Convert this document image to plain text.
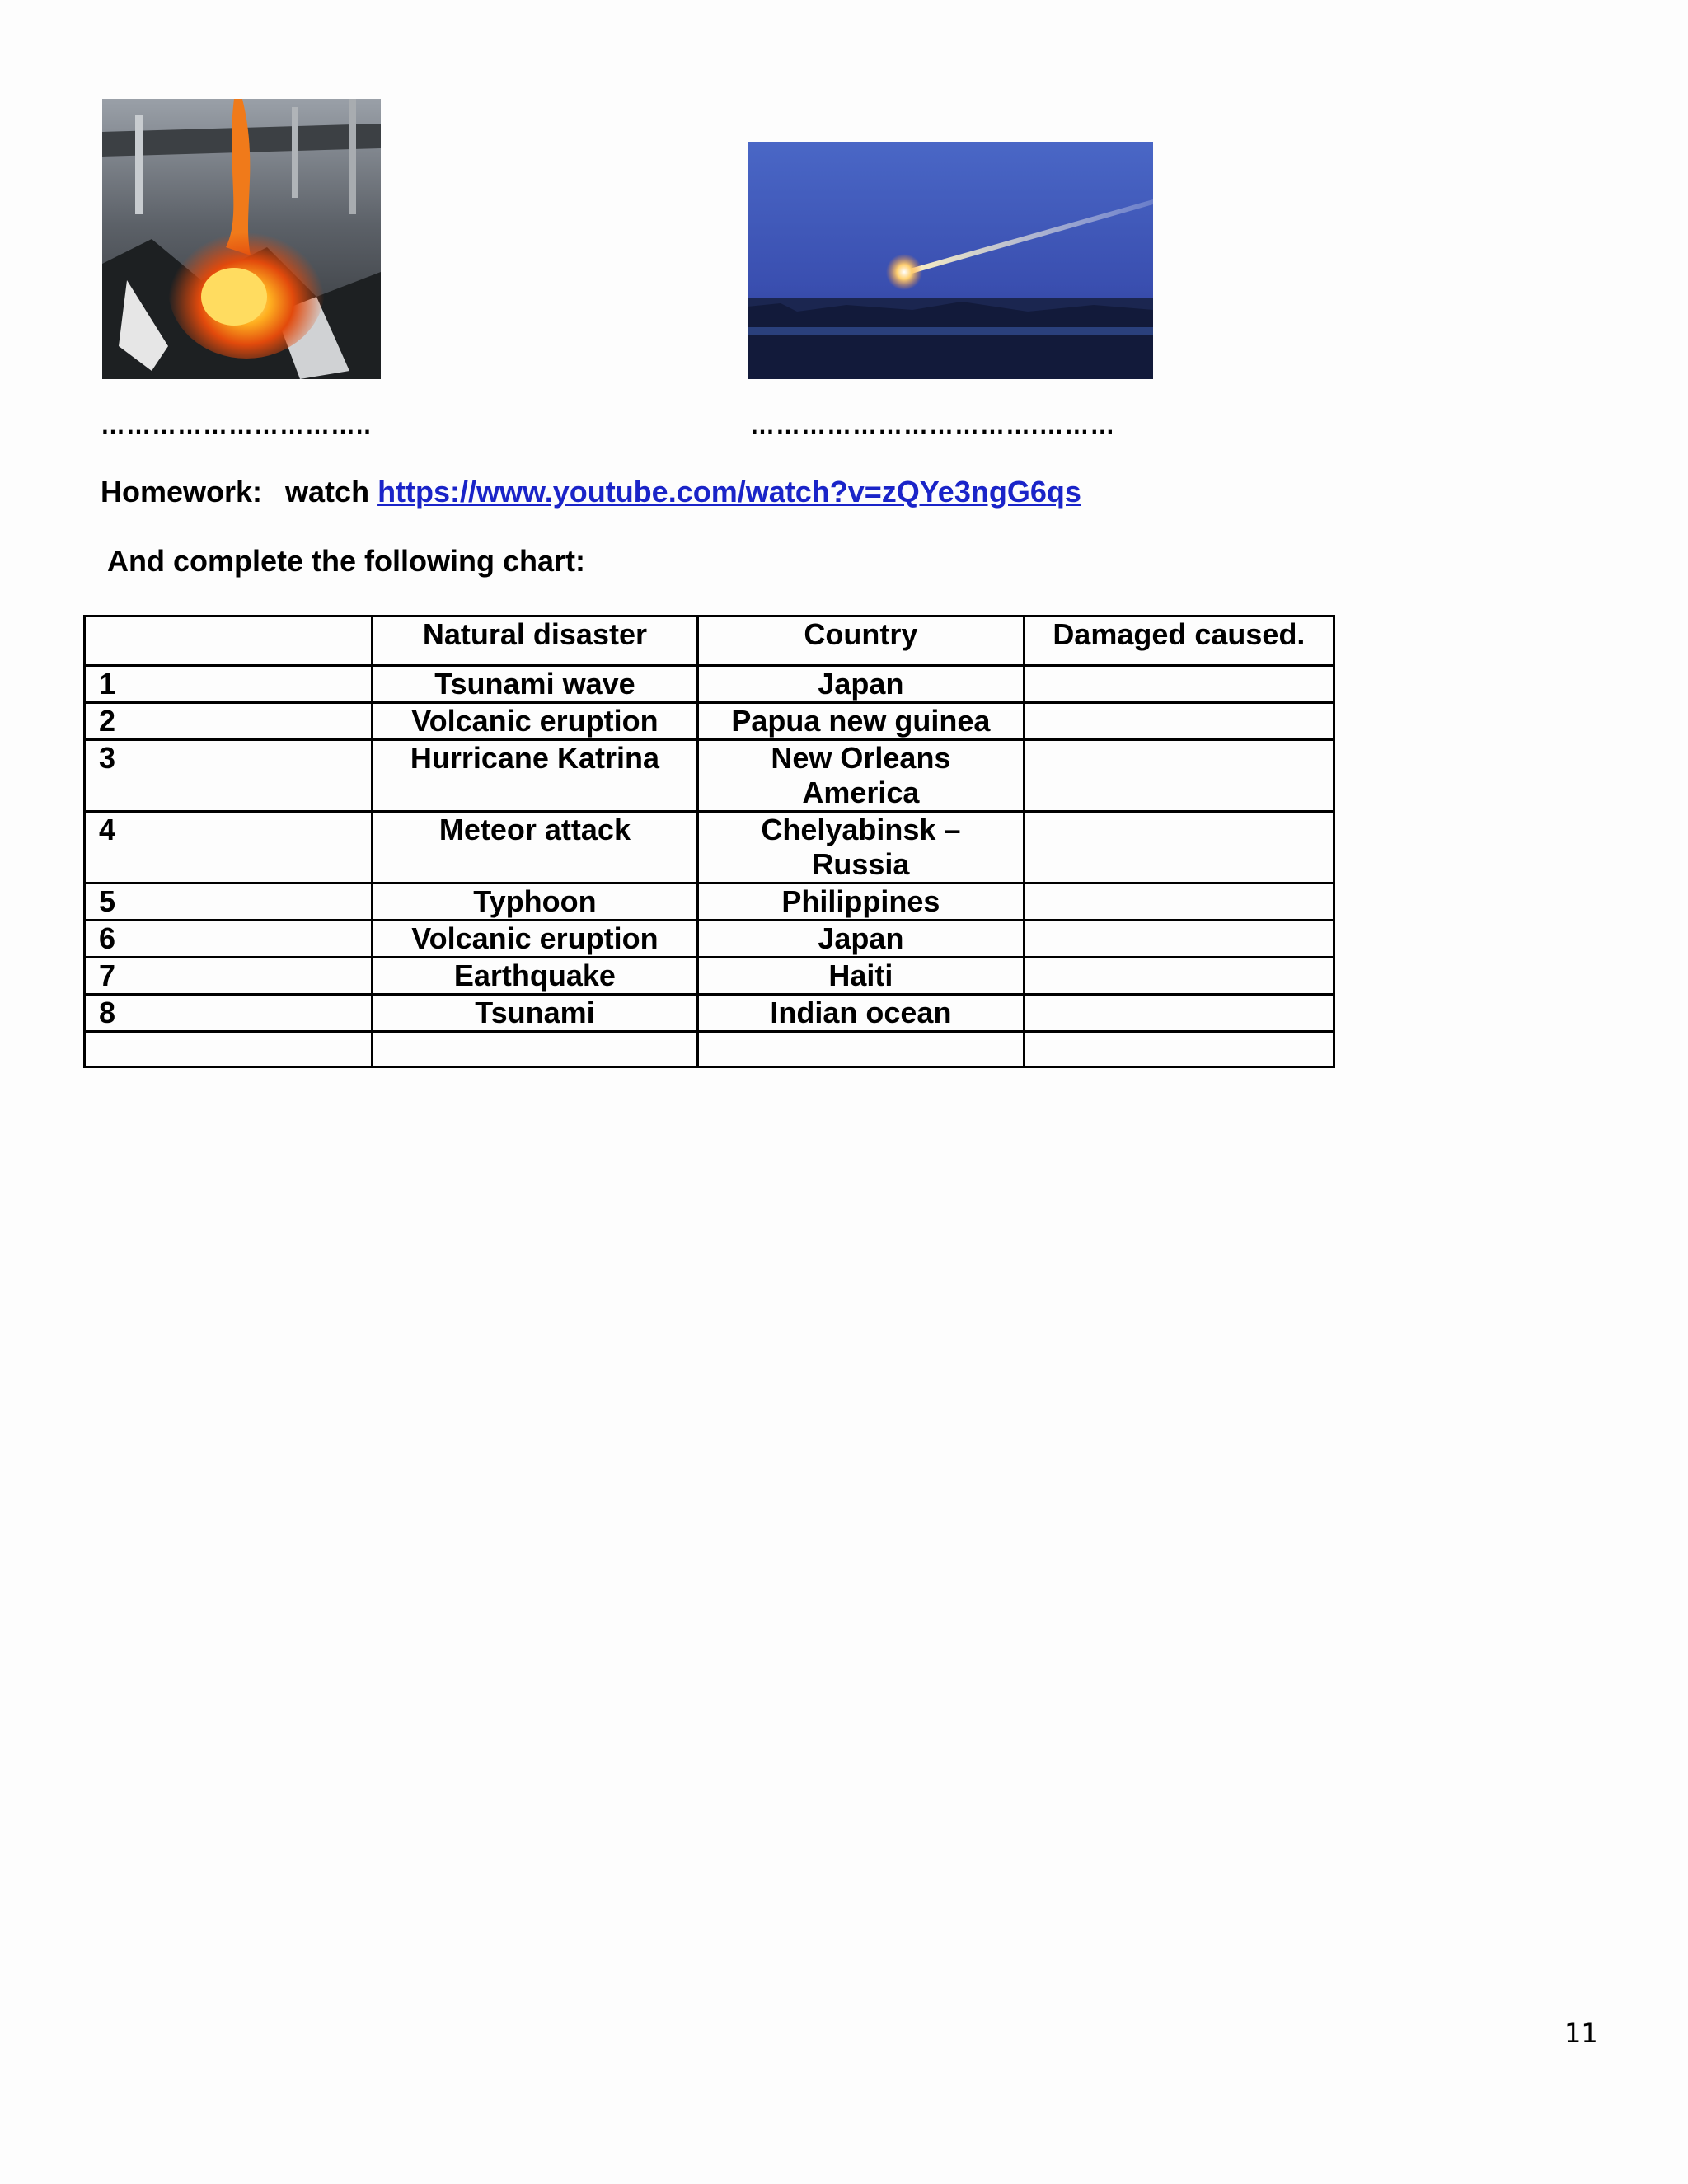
…………………………..	…………………………….………
Homework: watch https://www.youtube.com/watch?v=zQYe3ngG6qs
And complete the following chart:
	Natural disaster	Country	Damaged caused.
1	Tsunami wave	Japan	
2	Volcanic eruption	Papua new guinea	
3	Hurricane Katrina	New Orleans America	
4	Meteor attack	Chelyabinsk – Russia	
5	Typhoon	Philippines	
6	Volcanic eruption	Japan	
7	Earthquake	Haiti	
8	Tsunami	Indian ocean	

11
